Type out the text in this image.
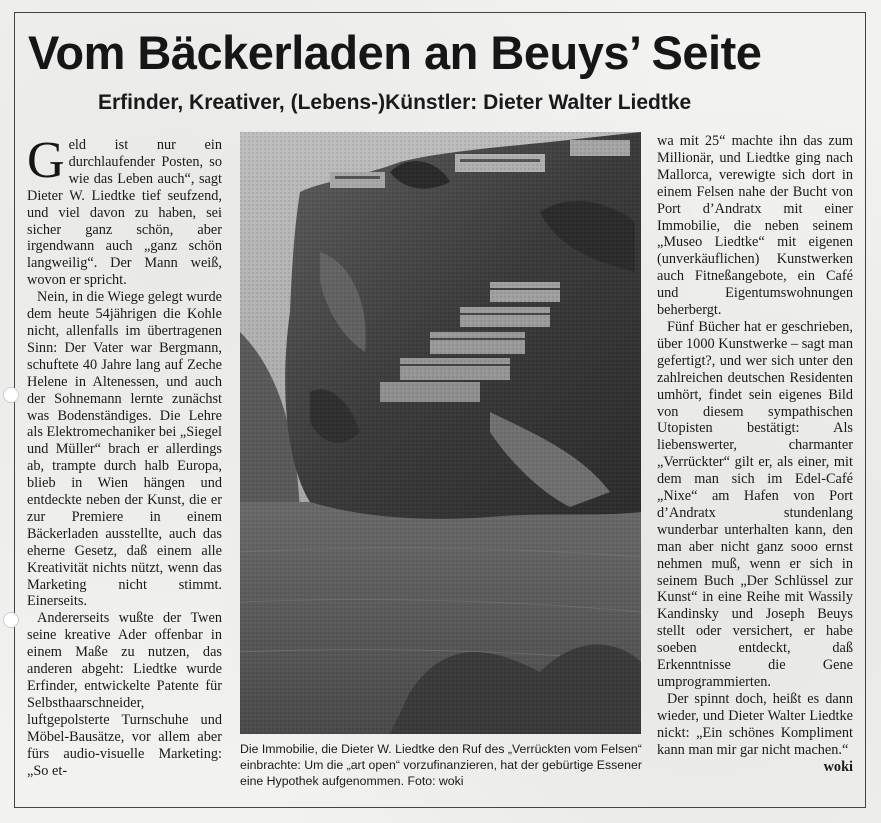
Vom Bäckerladen an Beuys’ Seite
Erfinder, Kreativer, (Lebens-)Künstler: Dieter Walter Liedtke

Geld ist nur ein durchlaufender Posten, so wie das Leben auch“, sagt Dieter W. Liedtke tief seufzend, und viel davon zu haben, sei sicher ganz schön, aber irgendwann auch „ganz schön langweilig“. Der Mann weiß, wovon er spricht.

Nein, in die Wiege gelegt wurde dem heute 54jährigen die Kohle nicht, allenfalls im übertragenen Sinn: Der Vater war Bergmann, schuftete 40 Jahre lang auf Zeche Helene in Altenessen, und auch der Sohnemann lernte zunächst was Bodenständiges. Die Lehre als Elektromechaniker bei „Siegel und Müller“ brach er allerdings ab, trampte durch halb Europa, blieb in Wien hängen und entdeckte neben der Kunst, die er zur Premiere in einem Bäckerladen ausstellte, auch das eherne Gesetz, daß einem alle Kreativität nichts nützt, wenn das Marketing nicht stimmt. Einerseits.

Andererseits wußte der Twen seine kreative Ader offenbar in einem Maße zu nutzen, das anderen abgeht: Liedtke wurde Erfinder, entwickelte Patente für Selbsthaarschneider, luftgepolsterte Turnschuhe und Möbel-Bausätze, vor allem aber fürs audio-visuelle Marketing: „So et-

Die Immobilie, die Dieter W. Liedtke den Ruf des „Verrückten vom Felsen“ einbrachte: Um die „art open“ vorzufinanzieren, hat der gebürtige Essener eine Hypothek aufgenommen. Foto: woki

wa mit 25“ machte ihn das zum Millionär, und Liedtke ging nach Mallorca, verewigte sich dort in einem Felsen nahe der Bucht von Port d’Andratx mit einer Immobilie, die neben seinem „Museo Liedtke“ mit eigenen (unverkäuflichen) Kunstwerken auch Fitneßangebote, ein Café und Eigentumswohnungen beherbergt.

Fünf Bücher hat er geschrieben, über 1000 Kunstwerke – sagt man gefertigt?, und wer sich unter den zahlreichen deutschen Residenten umhört, findet sein eigenes Bild von diesem sympathischen Utopisten bestätigt: Als liebenswerter, charmanter „Verrückter“ gilt er, als einer, mit dem man sich im Edel-Café „Nixe“ am Hafen von Port d’Andratx stundenlang wunderbar unterhalten kann, den man aber nicht ganz sooo ernst nehmen muß, wenn er sich in seinem Buch „Der Schlüssel zur Kunst“ in eine Reihe mit Wassily Kandinsky und Joseph Beuys stellt oder versichert, er habe soeben entdeckt, daß Erkenntnisse die Gene umprogrammierten.

Der spinnt doch, heißt es dann wieder, und Dieter Walter Liedtke nickt: „Ein schönes Kompliment kann man mir gar nicht machen.“
woki
